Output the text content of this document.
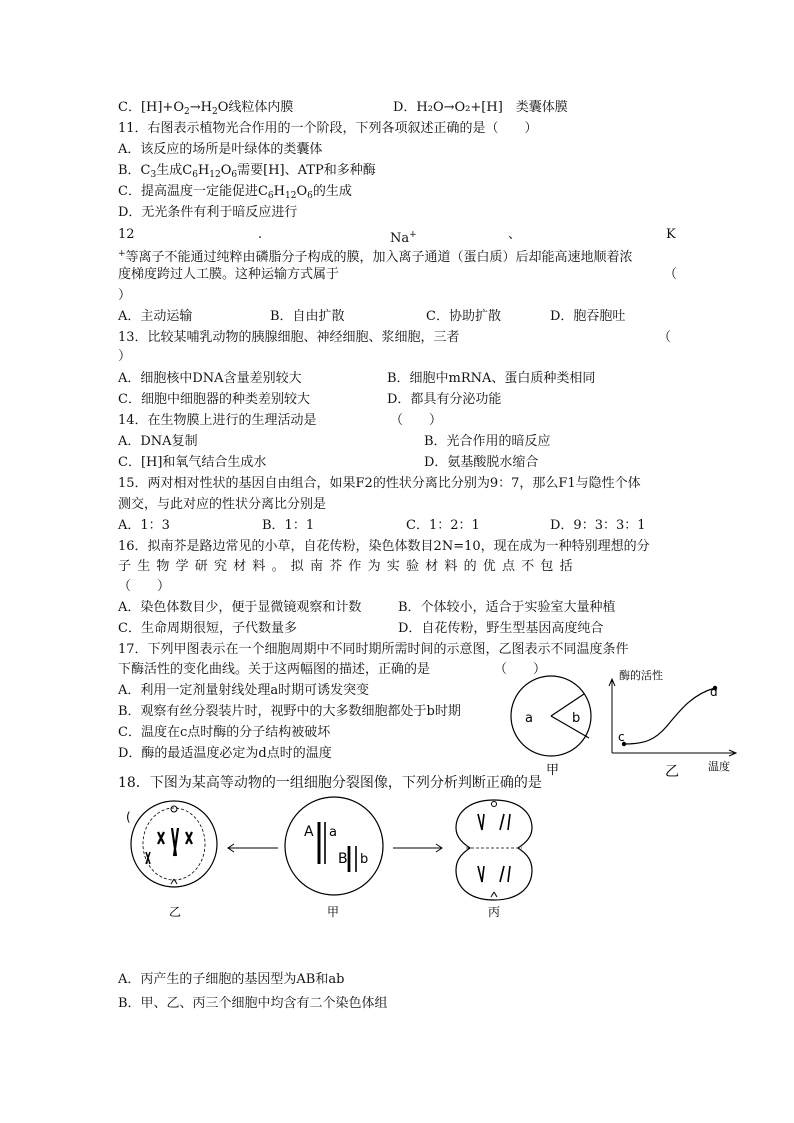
C．$[H]+O_2\to H_2O$线粒体内膜	D．H₂O→O₂+[H]　类囊体膜
11．右图表示植物光合作用的一个阶段，下列各项叙述正确的是（　　）
A．该反应的场所是叶绿体的类囊体
B．$C_3$生成$C_6H_{12}O_6$需要[H]、ATP和多种酶
C．提高温度一定能促进$C_6H_{12}O_6$的生成
D．无光条件有利于暗反应进行
12	.	Na+	、	K
+等离子不能通过纯粹由磷脂分子构成的膜，加入离子通道（蛋白质）后却能高速地顺着浓
度梯度跨过人工膜。这种运输方式属于	（
）
A．主动运输	B．自由扩散	C．协助扩散	D．胞吞胞吐
13．比较某哺乳动物的胰腺细胞、神经细胞、浆细胞，三者	（
）
A．细胞核中DNA含量差别较大	B．细胞中mRNA、蛋白质种类相同
C．细胞中细胞器的种类差别较大	D．都具有分泌功能
14．在生物膜上进行的生理活动是	（　　）
A．DNA复制	B．光合作用的暗反应
C．[H]和氧气结合生成水	D．氨基酸脱水缩合
15．两对相对性状的基因自由组合，如果F2的性状分离比分别为9：7，那么F1与隐性个体
测交，与此对应的性状分离比分别是
A．1：3	B．1：1	C．1：2：1	D．9：3：3：1
16．拟南芥是路边常见的小草，自花传粉，染色体数目2N=10，现在成为一种特别理想的分
子生物学研究材料。拟南芥作为实验材料的优点不包括
（　　）
A．染色体数目少，便于显微镜观察和计数	B．个体较小，适合于实验室大量种植
C．生命周期很短，子代数量多	D．自花传粉，野生型基因高度纯合
17．下列甲图表示在一个细胞周期中不同时期所需时间的示意图，乙图表示不同温度条件
下酶活性的变化曲线。关于这两幅图的描述，正确的是	（　　）
A．利用一定剂量射线处理a时期可诱发突变
B．观察有丝分裂装片时，视野中的大多数细胞都处于b时期
C．温度在c点时酶的分子结构被破坏
D．酶的最适温度必定为d点时的温度
a	b
甲
c
d
酶的活性
温度
乙
18．下图为某高等动物的一组细胞分裂图像，下列分析判断正确的是
(
乙
A a
B b
甲	丙
A．丙产生的子细胞的基因型为AB和ab
B．甲、乙、丙三个细胞中均含有二个染色体组
